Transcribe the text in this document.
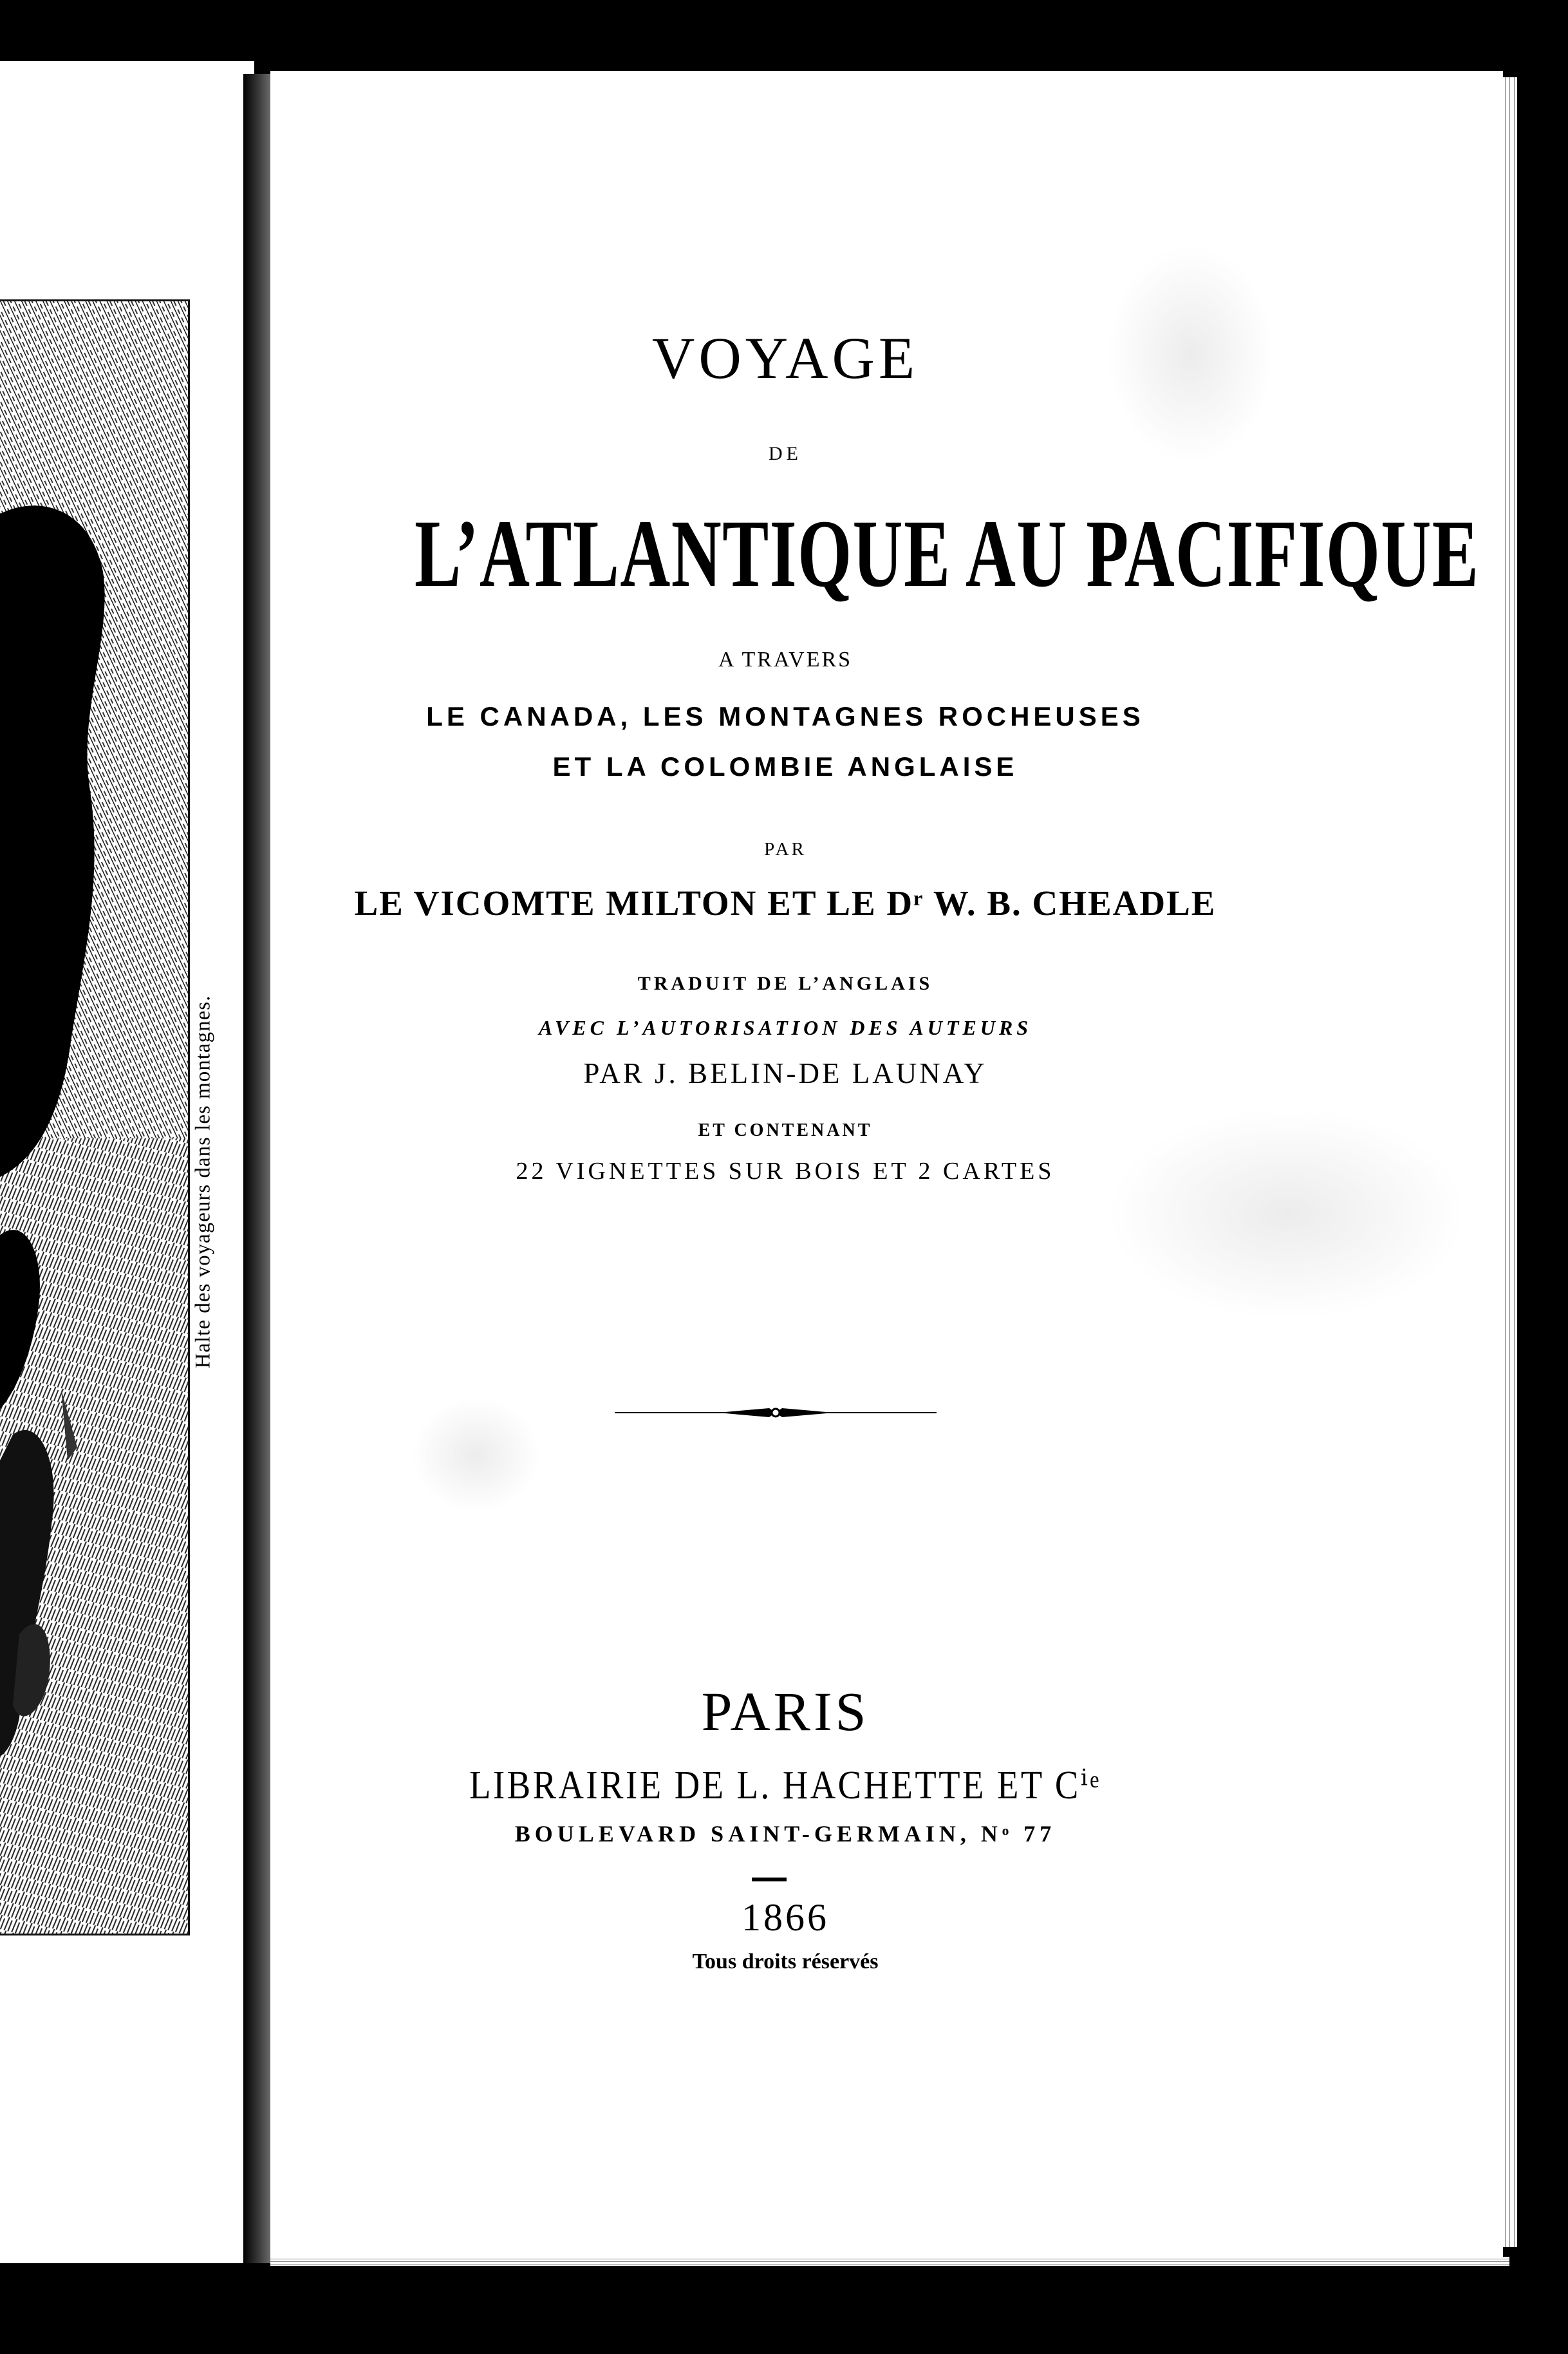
Halte des voyageurs dans les montagnes.
VOYAGE
DE
L’ATLANTIQUE AU PACIFIQUE
A TRAVERS
LE CANADA, LES MONTAGNES ROCHEUSES
ET LA COLOMBIE ANGLAISE
PAR
LE VICOMTE MILTON ET LE Dʳ W. B. CHEADLE
TRADUIT DE L’ANGLAIS
AVEC L’AUTORISATION DES AUTEURS
PAR J. BELIN-DE LAUNAY
ET CONTENANT
22 VIGNETTES SUR BOIS ET 2 CARTES
PARIS
LIBRAIRIE DE L. HACHETTE ET Cⁱᵉ
BOULEVARD SAINT-GERMAIN, Nᵒ 77
1866
Tous droits réservés
